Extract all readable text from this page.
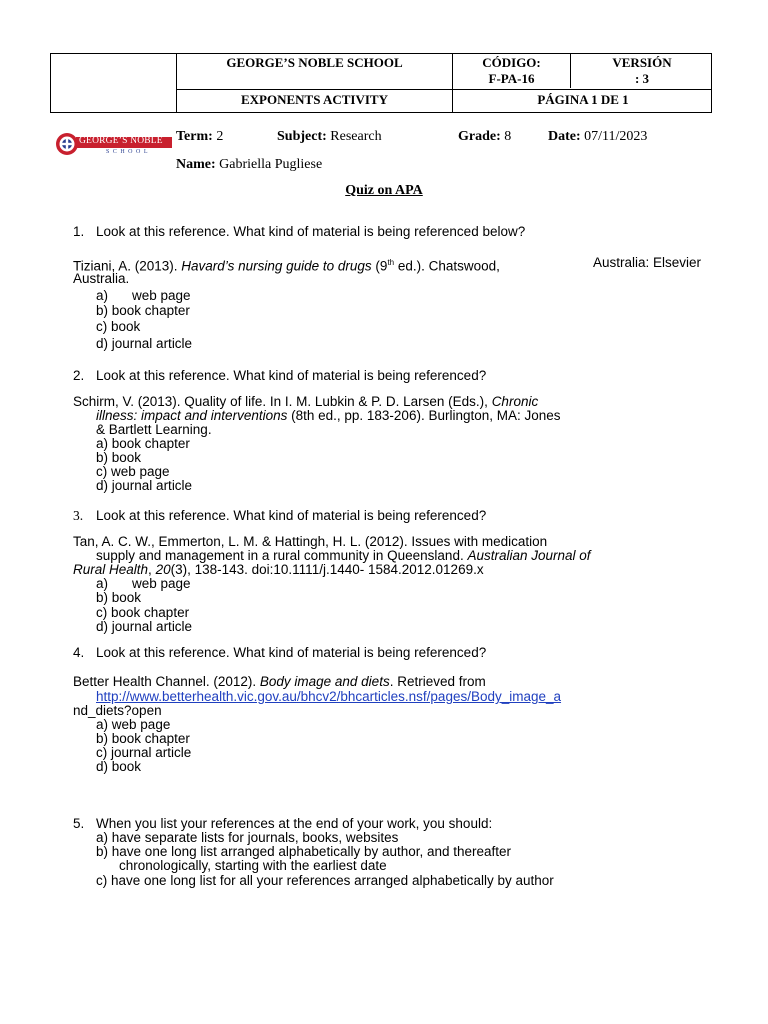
GEORGE’S NOBLE SCHOOL
EXPONENTS ACTIVITY
CÓDIGO:
F-PA-16
VERSIÓN
: 3
PÁGINA 1 DE 1
GEORGE’S NOBLE
S C H O O L
Term: 2	Subject: Research	Grade: 8	Date: 07/11/2023
Name: Gabriella Pugliese
Quiz on APA
1. Look at this reference. What kind of material is being referenced below?
Tiziani, A. (2013). Havard’s nursing guide to drugs (9th ed.). Chatswood,	Australia: Elsevier
Australia.
a) web page
b) book chapter
c) book
d) journal article
2. Look at this reference. What kind of material is being referenced?
Schirm, V. (2013). Quality of life. In I. M. Lubkin & P. D. Larsen (Eds.), Chronic
illness: impact and interventions (8th ed., pp. 183-206). Burlington, MA: Jones
& Bartlett Learning.
a) book chapter
b) book
c) web page
d) journal article
3. Look at this reference. What kind of material is being referenced?
Tan, A. C. W., Emmerton, L. M. & Hattingh, H. L. (2012). Issues with medication
supply and management in a rural community in Queensland. Australian Journal of
Rural Health, 20(3), 138-143. doi:10.1111/j.1440- 1584.2012.01269.x
a) web page
b) book
c) book chapter
d) journal article
4. Look at this reference. What kind of material is being referenced?
Better Health Channel. (2012). Body image and diets. Retrieved from
http://www.betterhealth.vic.gov.au/bhcv2/bhcarticles.nsf/pages/Body_image_a
nd_diets?open
a) web page
b) book chapter
c) journal article
d) book
5. When you list your references at the end of your work, you should:
a) have separate lists for journals, books, websites
b) have one long list arranged alphabetically by author, and thereafter
chronologically, starting with the earliest date
c) have one long list for all your references arranged alphabetically by author
